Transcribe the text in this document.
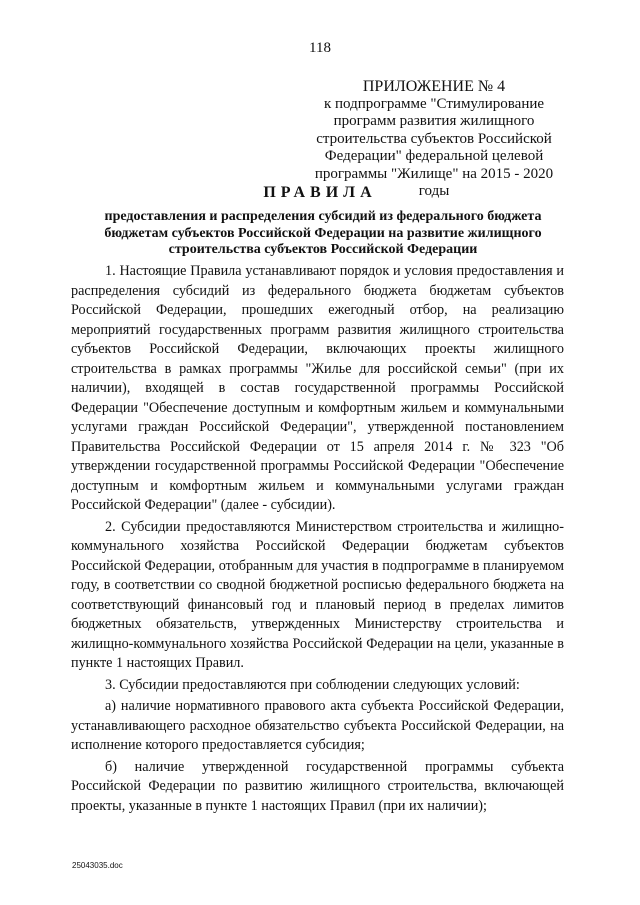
118
ПРИЛОЖЕНИЕ № 4
к подпрограмме "Стимулирование
программ развития жилищного
строительства субъектов Российской
Федерации" федеральной целевой
программы "Жилище" на 2015 - 2020 годы
ПРАВИЛА
предоставления и распределения субсидий из федерального бюджета бюджетам субъектов Российской Федерации на развитие жилищного строительства субъектов Российской Федерации

1. Настоящие Правила устанавливают порядок и условия предоставления и распределения субсидий из федерального бюджета бюджетам субъектов Российской Федерации, прошедших ежегодный отбор, на реализацию мероприятий государственных программ развития жилищного строительства субъектов Российской Федерации, включающих проекты жилищного строительства в рамках программы "Жилье для российской семьи" (при их наличии), входящей в состав государственной программы Российской Федерации "Обеспечение доступным и комфортным жильем и коммунальными услугами граждан Российской Федерации", утвержденной постановлением Правительства Российской Федерации от 15 апреля 2014 г. № 323 "Об утверждении государственной программы Российской Федерации "Обеспечение доступным и комфортным жильем и коммунальными услугами граждан Российской Федерации" (далее - субсидии).

2. Субсидии предоставляются Министерством строительства и жилищно-коммунального хозяйства Российской Федерации бюджетам субъектов Российской Федерации, отобранным для участия в подпрограмме в планируемом году, в соответствии со сводной бюджетной росписью федерального бюджета на соответствующий финансовый год и плановый период в пределах лимитов бюджетных обязательств, утвержденных Министерству строительства и жилищно-коммунального хозяйства Российской Федерации на цели, указанные в пункте 1 настоящих Правил.

3. Субсидии предоставляются при соблюдении следующих условий:

а) наличие нормативного правового акта субъекта Российской Федерации, устанавливающего расходное обязательство субъекта Российской Федерации, на исполнение которого предоставляется субсидия;

б) наличие утвержденной государственной программы субъекта Российской Федерации по развитию жилищного строительства, включающей проекты, указанные в пункте 1 настоящих Правил (при их наличии);

25043035.doc
